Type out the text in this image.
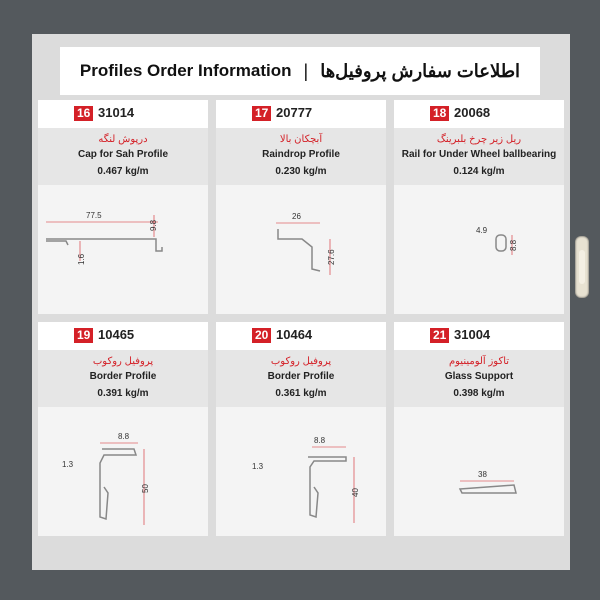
Profiles Order Information | اطلاعات سفارش پروفیل‌ها
16 31014
درپوش لنگه
Cap for Sah Profile
0.467 kg/m
77.5
9.8
1.6
17 20777
آبچکان بالا
Raindrop Profile
0.230 kg/m
26
27.6
18 20068
ریل زیر چرخ بلبرینگ
Rail for Under Wheel ballbearing
0.124 kg/m
4.9
8.8
19 10465
پروفیل روکوب
Border Profile
0.391 kg/m
8.8
1.3
50
20 10464
پروفیل روکوب
Border Profile
0.361 kg/m
8.8
1.3
40
21 31004
تاکوز آلومینیوم
Glass Support
0.398 kg/m
38
